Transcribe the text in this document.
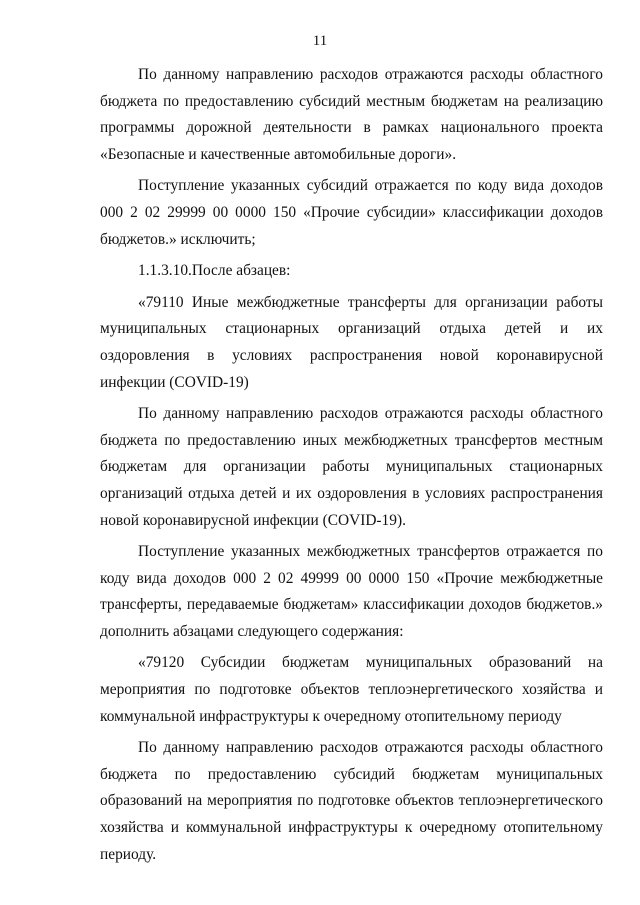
11

По данному направлению расходов отражаются расходы областного бюджета по предоставлению субсидий местным бюджетам на реализацию программы дорожной деятельности в рамках национального проекта «Безопасные и качественные автомобильные дороги».

Поступление указанных субсидий отражается по коду вида доходов 000 2 02 29999 00 0000 150 «Прочие субсидии» классификации доходов бюджетов.» исключить;

1.1.3.10.После абзацев:

«79110 Иные межбюджетные трансферты для организации работы муниципальных стационарных организаций отдыха детей и их оздоровления в условиях распространения новой коронавирусной инфекции (COVID-19)

По данному направлению расходов отражаются расходы областного бюджета по предоставлению иных межбюджетных трансфертов местным бюджетам для организации работы муниципальных стационарных организаций отдыха детей и их оздоровления в условиях распространения новой коронавирусной инфекции (COVID-19).

Поступление указанных межбюджетных трансфертов отражается по коду вида доходов 000 2 02 49999 00 0000 150 «Прочие межбюджетные трансферты, передаваемые бюджетам» классификации доходов бюджетов.» дополнить абзацами следующего содержания:

«79120 Субсидии бюджетам муниципальных образований на мероприятия по подготовке объектов теплоэнергетического хозяйства и коммунальной инфраструктуры к очередному отопительному периоду

По данному направлению расходов отражаются расходы областного бюджета по предоставлению субсидий бюджетам муниципальных образований на мероприятия по подготовке объектов теплоэнергетического хозяйства и коммунальной инфраструктуры к очередному отопительному периоду.
